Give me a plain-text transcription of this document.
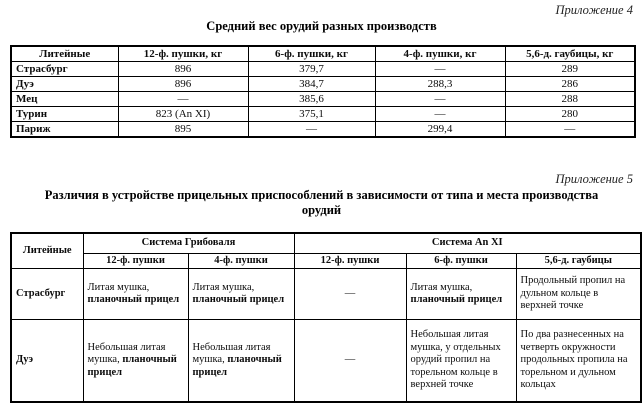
Приложение 4
Средний вес орудий разных производств
Литейные	12-ф. пушки, кг	6-ф. пушки, кг	4-ф. пушки, кг	5,6-д. гаубицы, кг
Страсбург	896	379,7	—	289
Дуэ	896	384,7	288,3	286
Мец	—	385,6	—	288
Турин	823 (An XI)	375,1	—	280
Париж	895	—	299,4	—
Приложение 5
Различия в устройстве прицельных приспособлений в зависимости от типа и места производства
орудий
Литейные	Система Грибоваля		Система An XI		
	12-ф. пушки	4-ф. пушки	12-ф. пушки	6-ф. пушки	5,6-д. гаубицы
Страсбург	Литая мушка, планочный прицел	Литая мушка, планочный прицел	—	Литая мушка, планочный прицел	Продольный пропил на дульном кольце в верхней точке
Дуэ	Небольшая литая мушка, планочный прицел	Небольшая литая мушка, планочный прицел	—	Небольшая литая мушка, у отдельных орудий пропил на торельном кольце в верхней точке	По два разнесенных на четверть окружности продольных пропила на торельном и дульном кольцах
